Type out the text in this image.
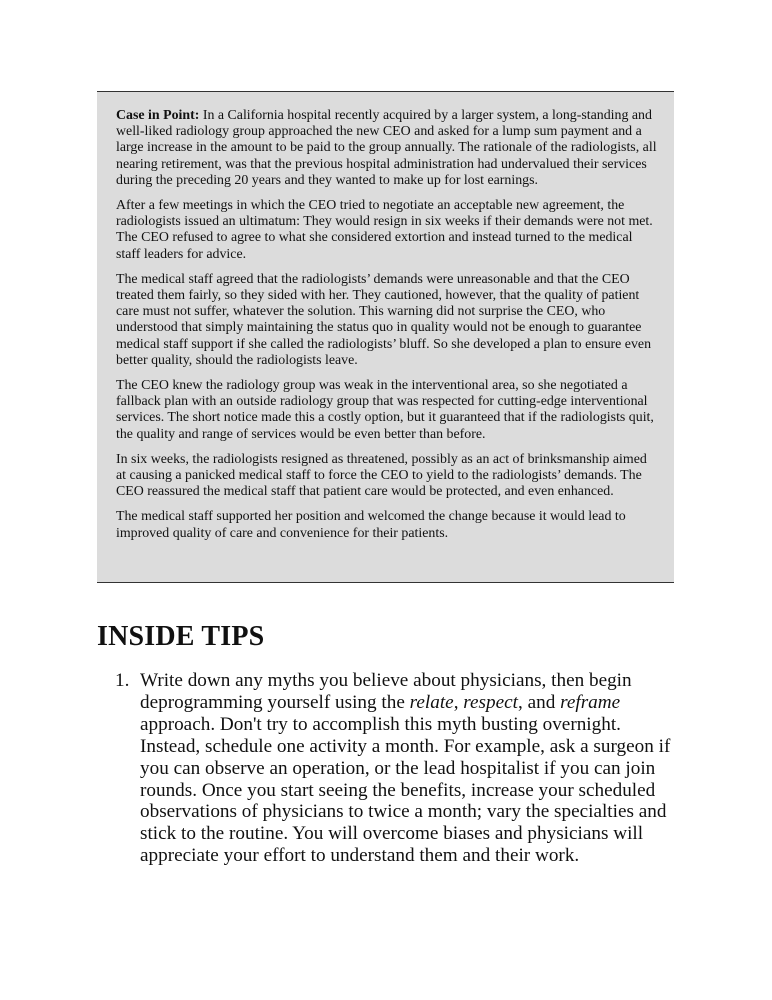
Case in Point: In a California hospital recently acquired by a larger system, a long-standing and well-liked radiology group approached the new CEO and asked for a lump sum payment and a large increase in the amount to be paid to the group annually. The rationale of the radiologists, all nearing retirement, was that the previous hospital administration had undervalued their services during the preceding 20 years and they wanted to make up for lost earnings.

After a few meetings in which the CEO tried to negotiate an acceptable new agreement, the radiologists issued an ultimatum: They would resign in six weeks if their demands were not met. The CEO refused to agree to what she considered extortion and instead turned to the medical staff leaders for advice.

The medical staff agreed that the radiologists’ demands were unreasonable and that the CEO treated them fairly, so they sided with her. They cautioned, however, that the quality of patient care must not suffer, whatever the solution. This warning did not surprise the CEO, who understood that simply maintaining the status quo in quality would not be enough to guarantee medical staff support if she called the radiologists’ bluff. So she developed a plan to ensure even better quality, should the radiologists leave.

The CEO knew the radiology group was weak in the interventional area, so she negotiated a fallback plan with an outside radiology group that was respected for cutting-edge interventional services. The short notice made this a costly option, but it guaranteed that if the radiologists quit, the quality and range of services would be even better than before.

In six weeks, the radiologists resigned as threatened, possibly as an act of brinksmanship aimed at causing a panicked medical staff to force the CEO to yield to the radiologists’ demands. The CEO reassured the medical staff that patient care would be protected, and even enhanced.

The medical staff supported her position and welcomed the change because it would lead to improved quality of care and convenience for their patients.

INSIDE TIPS
1. Write down any myths you believe about physicians, then begin deprogramming yourself using the relate, respect, and reframe approach. Don't try to accomplish this myth busting overnight. Instead, schedule one activity a month. For example, ask a surgeon if you can observe an operation, or the lead hospitalist if you can join rounds. Once you start seeing the benefits, increase your scheduled observations of physicians to twice a month; vary the specialties and stick to the routine. You will overcome biases and physicians will appreciate your effort to understand them and their work.
